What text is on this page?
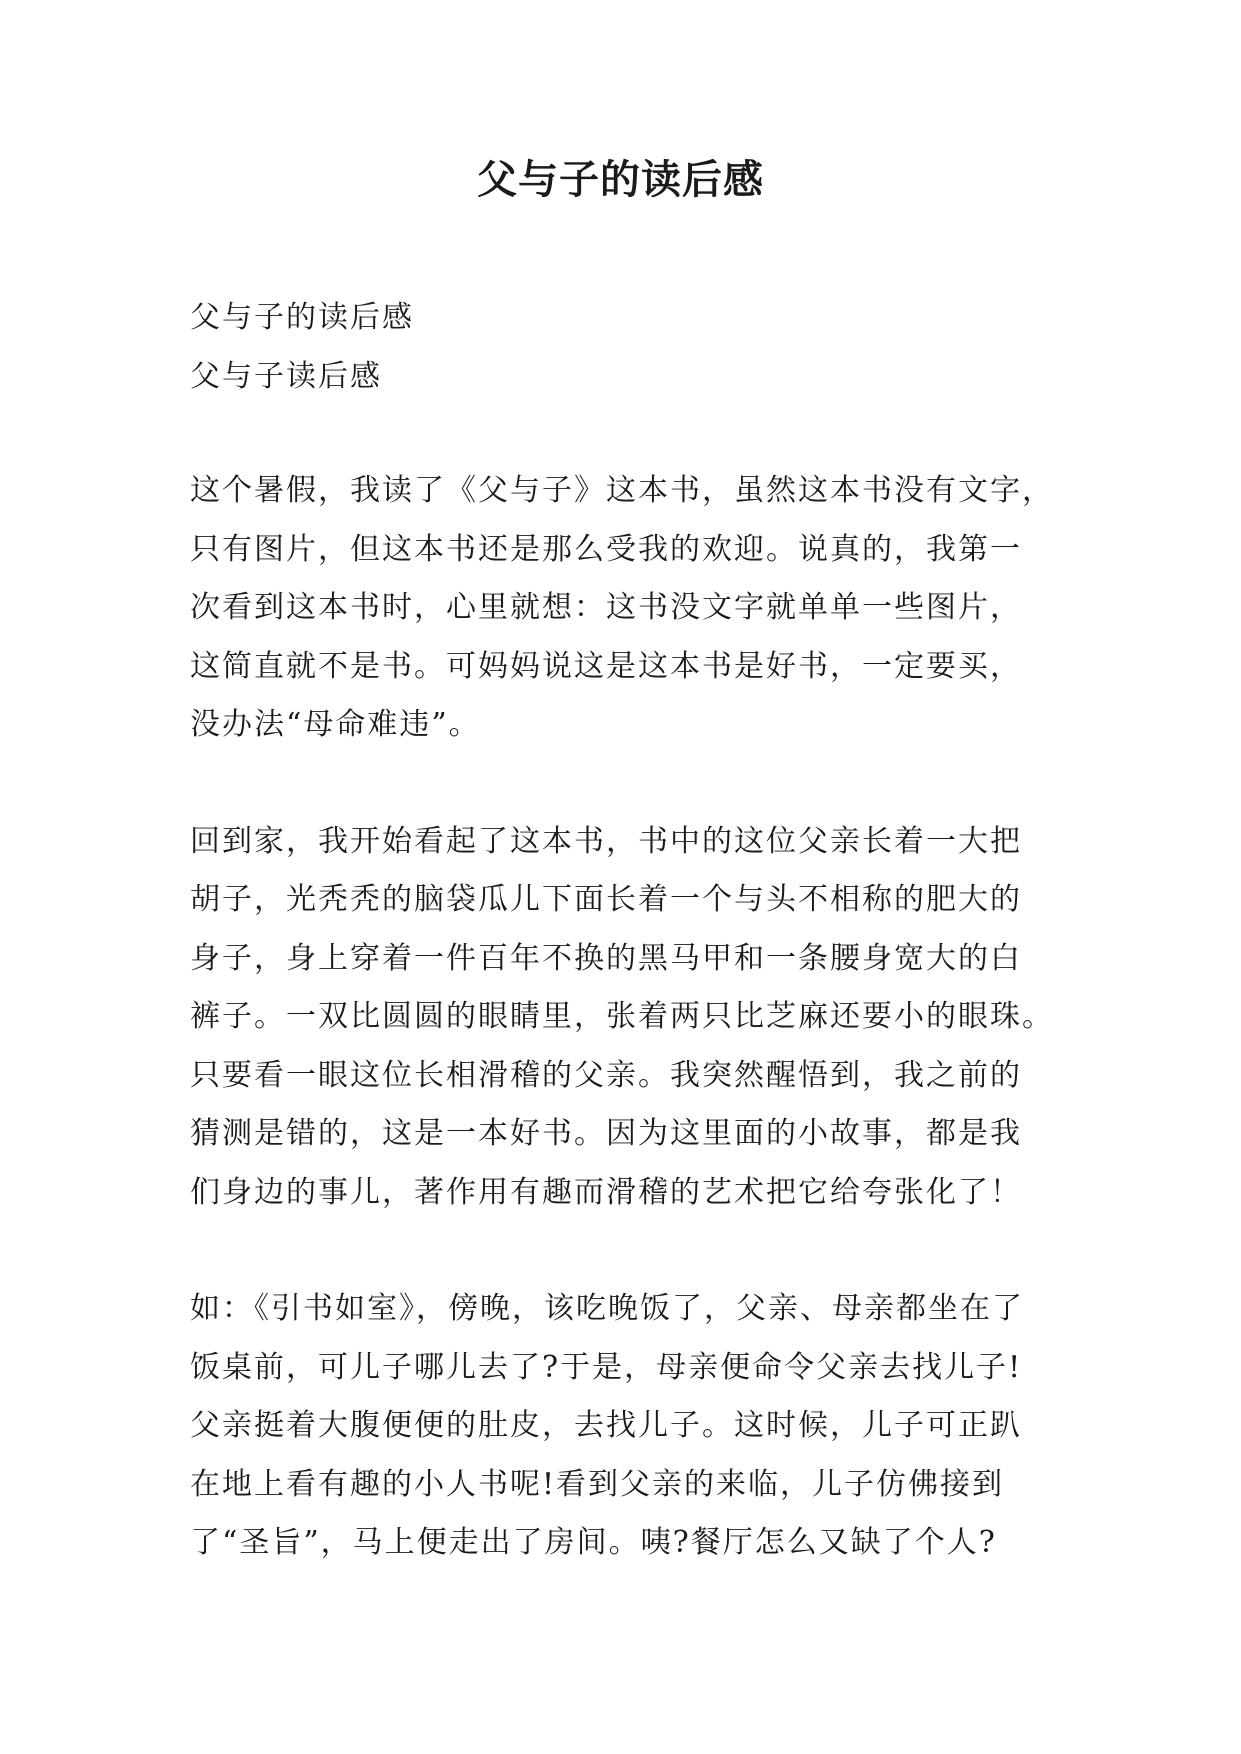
父与子的读后感
父与子的读后感
父与子读后感
这个暑假，我读了《父与子》这本书，虽然这本书没有文字，
只有图片，但这本书还是那么受我的欢迎。说真的，我第一
次看到这本书时，心里就想：这书没文字就单单一些图片，
这简直就不是书。可妈妈说这是这本书是好书，一定要买，
没办法“母命难违”。
回到家，我开始看起了这本书，书中的这位父亲长着一大把
胡子，光秃秃的脑袋瓜儿下面长着一个与头不相称的肥大的
身子，身上穿着一件百年不换的黑马甲和一条腰身宽大的白
裤子。一双比圆圆的眼睛里，张着两只比芝麻还要小的眼珠。
只要看一眼这位长相滑稽的父亲。我突然醒悟到，我之前的
猜测是错的，这是一本好书。因为这里面的小故事，都是我
们身边的事儿，著作用有趣而滑稽的艺术把它给夸张化了！
如：《引书如室》，傍晚，该吃晚饭了，父亲、母亲都坐在了
饭桌前，可儿子哪儿去了?于是，母亲便命令父亲去找儿子!
父亲挺着大腹便便的肚皮，去找儿子。这时候，儿子可正趴
在地上看有趣的小人书呢!看到父亲的来临，儿子仿佛接到
了“圣旨”，马上便走出了房间。咦?餐厅怎么又缺了个人?
